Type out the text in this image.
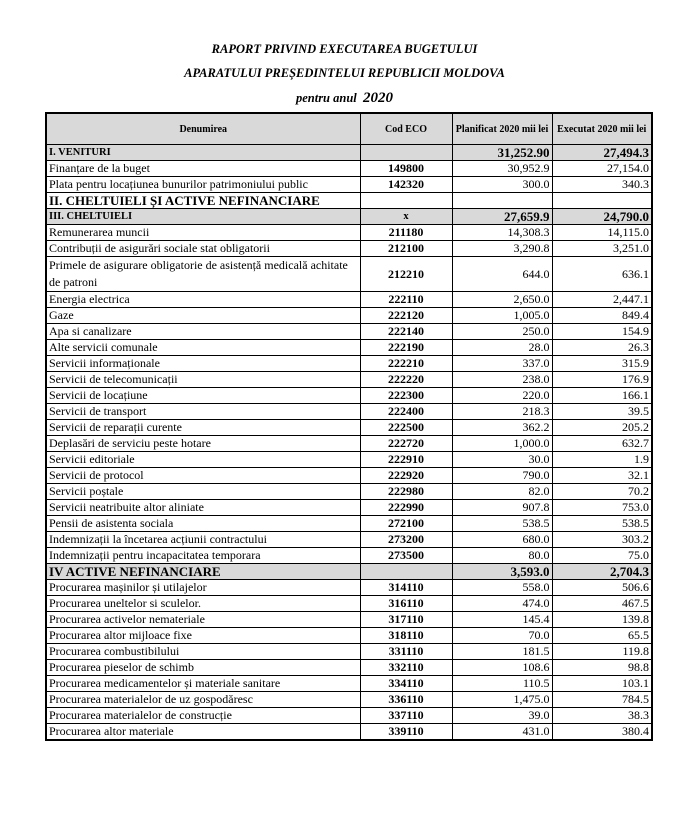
RAPORT PRIVIND EXECUTAREA BUGETULUI
APARATULUI PREȘEDINTELUI REPUBLICII MOLDOVA
pentru anul 2020
Denumirea	Cod ECO	Planificat 2020 mii lei	Executat 2020 mii lei
I. VENITURI		31,252.90	27,494.3
Finanțare de la buget	149800	30,952.9	27,154.0
Plata pentru locațiunea bunurilor patrimoniului public	142320	300.0	340.3
II. CHELTUIELI ȘI ACTIVE NEFINANCIARE			
III. CHELTUIELI	x	27,659.9	24,790.0
Remunerarea muncii	211180	14,308.3	14,115.0
Contribuții de asigurări sociale stat obligatorii	212100	3,290.8	3,251.0
Primele de asigurare obligatorie de asistență medicală achitate de patroni	212210	644.0	636.1
Energia electrica	222110	2,650.0	2,447.1
Gaze	222120	1,005.0	849.4
Apa si canalizare	222140	250.0	154.9
Alte servicii comunale	222190	28.0	26.3
Servicii informaționale	222210	337.0	315.9
Servicii de telecomunicații	222220	238.0	176.9
Servicii de locațiune	222300	220.0	166.1
Servicii de transport	222400	218.3	39.5
Servicii de reparații curente	222500	362.2	205.2
Deplasări de serviciu peste hotare	222720	1,000.0	632.7
Servicii editoriale	222910	30.0	1.9
Servicii de protocol	222920	790.0	32.1
Servicii poștale	222980	82.0	70.2
Servicii neatribuite altor aliniate	222990	907.8	753.0
Pensii de asistenta sociala	272100	538.5	538.5
Indemnizații la încetarea acțiunii contractului	273200	680.0	303.2
Indemnizații pentru incapacitatea temporara	273500	80.0	75.0
IV ACTIVE NEFINANCIARE		3,593.0	2,704.3
Procurarea mașinilor și utilajelor	314110	558.0	506.6
Procurarea uneltelor si sculelor.	316110	474.0	467.5
Procurarea activelor nemateriale	317110	145.4	139.8
Procurarea altor mijloace fixe	318110	70.0	65.5
Procurarea combustibilului	331110	181.5	119.8
Procurarea pieselor de schimb	332110	108.6	98.8
Procurarea medicamentelor și materiale sanitare	334110	110.5	103.1
Procurarea materialelor de uz gospodăresc	336110	1,475.0	784.5
Procurarea materialelor de construcție	337110	39.0	38.3
Procurarea altor materiale	339110	431.0	380.4
